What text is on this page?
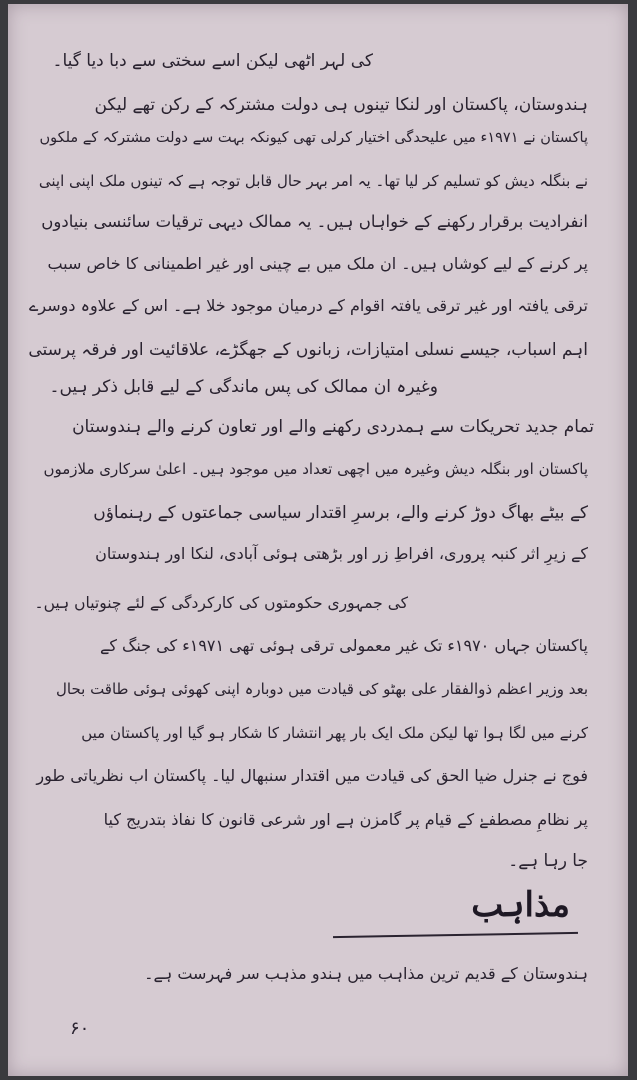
کی لہر اٹھی لیکن اسے سختی سے دبا دیا گیا۔
ہندوستان، پاکستان اور لنکا تینوں ہی دولت مشترکہ کے رکن تھے لیکن
پاکستان نے ۱۹۷۱ء میں علیحدگی اختیار کرلی تھی کیونکہ بہت سے دولت مشترکہ کے ملکوں
نے بنگلہ دیش کو تسلیم کر لیا تھا۔ یہ امر بہر حال قابل توجہ ہے کہ تینوں ملک اپنی اپنی
انفرادیت برقرار رکھنے کے خواہاں ہیں۔ یہ ممالک دیہی ترقیات سائنسی بنیادوں
پر کرنے کے لیے کوشاں ہیں۔ ان ملک میں بے چینی اور غیر اطمینانی کا خاص سبب
ترقی یافتہ اور غیر ترقی یافتہ اقوام کے درمیان موجود خلا ہے۔ اس کے علاوہ دوسرے
اہم اسباب، جیسے نسلی امتیازات، زبانوں کے جھگڑے، علاقائیت اور فرقہ پرستی
وغیرہ ان ممالک کی پس ماندگی کے لیے قابل ذکر ہیں۔
تمام جدید تحریکات سے ہمدردی رکھنے والے اور تعاون کرنے والے ہندوستان
پاکستان اور بنگلہ دیش وغیرہ میں اچھی تعداد میں موجود ہیں۔ اعلیٰ سرکاری ملازموں
کے بیٹے بھاگ دوڑ کرنے والے، برسرِ اقتدار سیاسی جماعتوں کے رہنماؤں
کے زیرِ اثر کنبہ پروری، افراطِ زر اور بڑھتی ہوئی آبادی، لنکا اور ہندوستان
کی جمہوری حکومتوں کی کارکردگی کے لئے چنوتیاں ہیں۔
پاکستان جہاں ۱۹۷۰ء تک غیر معمولی ترقی ہوئی تھی ۱۹۷۱ء کی جنگ کے
بعد وزیر اعظم ذوالفقار علی بھٹو کی قیادت میں دوبارہ اپنی کھوئی ہوئی طاقت بحال
کرنے میں لگا ہوا تھا لیکن ملک ایک بار پھر انتشار کا شکار ہو گیا اور پاکستان میں
فوج نے جنرل ضیا الحق کی قیادت میں اقتدار سنبھال لیا۔ پاکستان اب نظریاتی طور
پر نظامِ مصطفےٰ کے قیام پر گامزن ہے اور شرعی قانون کا نفاذ بتدریج کیا
جا رہا ہے۔
مذاہب
ہندوستان کے قدیم ترین مذاہب میں ہندو مذہب سر فہرست ہے۔
۶۰
